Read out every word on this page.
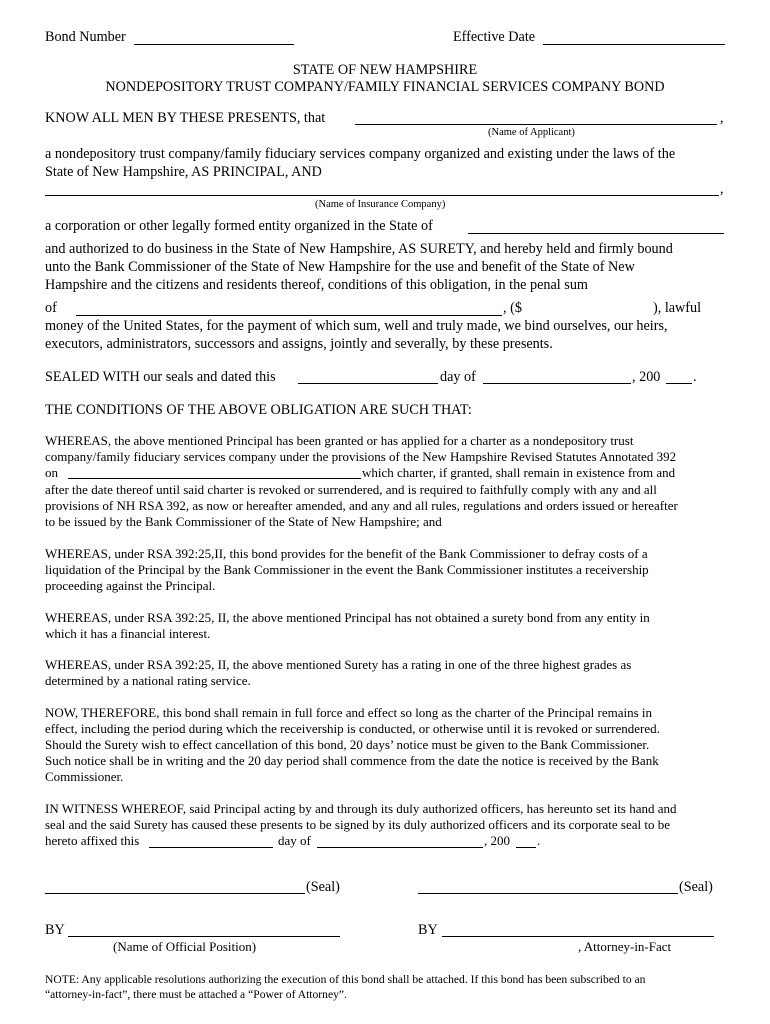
Bond Number	Effective Date
STATE OF NEW HAMPSHIRE
NONDEPOSITORY TRUST COMPANY/FAMILY FINANCIAL SERVICES COMPANY BOND
KNOW ALL MEN BY THESE PRESENTS, that	,
(Name of Applicant)
a nondepository trust company/family fiduciary services company organized and existing under the laws of the
State of New Hampshire, AS PRINCIPAL, AND
,
(Name of Insurance Company)
a corporation or other legally formed entity organized in the State of
and authorized to do business in the State of New Hampshire, AS SURETY, and hereby held and firmly bound
unto the Bank Commissioner of the State of New Hampshire for the use and benefit of the State of New
Hampshire and the citizens and residents thereof, conditions of this obligation, in the penal sum
of	, ($	), lawful
money of the United States, for the payment of which sum, well and truly made, we bind ourselves, our heirs,
executors, administrators, successors and assigns, jointly and severally, by these presents.
SEALED WITH our seals and dated this	day of	, 200 .
THE CONDITIONS OF THE ABOVE OBLIGATION ARE SUCH THAT:
WHEREAS, the above mentioned Principal has been granted or has applied for a charter as a nondepository trust
company/family fiduciary services company under the provisions of the New Hampshire Revised Statutes Annotated 392
on	which charter, if granted, shall remain in existence from and
after the date thereof until said charter is revoked or surrendered, and is required to faithfully comply with any and all
provisions of NH RSA 392, as now or hereafter amended, and any and all rules, regulations and orders issued or hereafter
to be issued by the Bank Commissioner of the State of New Hampshire; and
WHEREAS, under RSA 392:25,II, this bond provides for the benefit of the Bank Commissioner to defray costs of a
liquidation of the Principal by the Bank Commissioner in the event the Bank Commissioner institutes a receivership
proceeding against the Principal.
WHEREAS, under RSA 392:25, II, the above mentioned Principal has not obtained a surety bond from any entity in
which it has a financial interest.
WHEREAS, under RSA 392:25, II, the above mentioned Surety has a rating in one of the three highest grades as
determined by a national rating service.
NOW, THEREFORE, this bond shall remain in full force and effect so long as the charter of the Principal remains in
effect, including the period during which the receivership is conducted, or otherwise until it is revoked or surrendered.
Should the Surety wish to effect cancellation of this bond, 20 days’ notice must be given to the Bank Commissioner.
Such notice shall be in writing and the 20 day period shall commence from the date the notice is received by the Bank
Commissioner.
IN WITNESS WHEREOF, said Principal acting by and through its duly authorized officers, has hereunto set its hand and
seal and the said Surety has caused these presents to be signed by its duly authorized officers and its corporate seal to be
hereto affixed this	day of	, 200 .
(Seal)	(Seal)
BY	BY
(Name of Official Position)	, Attorney-in-Fact
NOTE: Any applicable resolutions authorizing the execution of this bond shall be attached. If this bond has been subscribed to an
“attorney-in-fact”, there must be attached a “Power of Attorney”.
